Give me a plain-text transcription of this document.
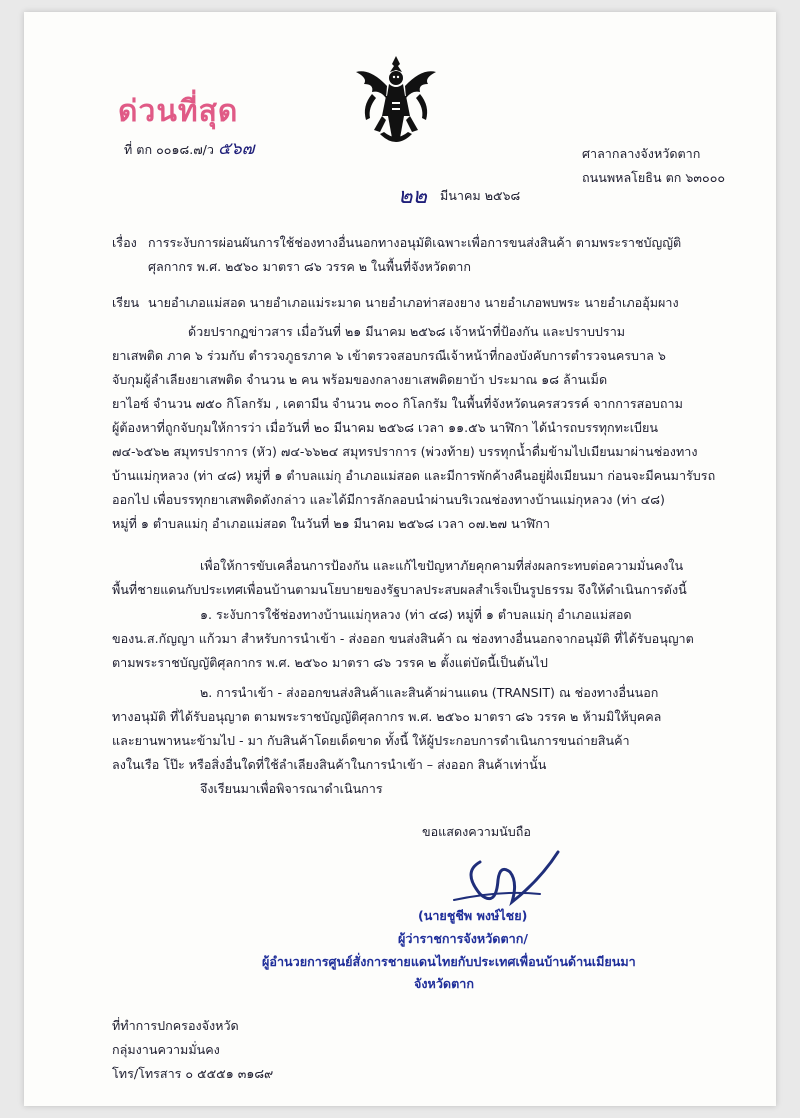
ด่วนที่สุด
ที่ ตก ๐๐๑๘.๗/ว ๕๖๗	ศาลากลางจังหวัดตาก
ถนนพหลโยธิน ตก ๖๓๐๐๐
๒๒ มีนาคม ๒๕๖๘
เรื่อง การระงับการผ่อนผันการใช้ช่องทางอื่นนอกทางอนุมัติเฉพาะเพื่อการขนส่งสินค้า ตามพระราชบัญญัติ
ศุลกากร พ.ศ. ๒๕๖๐ มาตรา ๘๖ วรรค ๒ ในพื้นที่จังหวัดตาก
เรียน นายอำเภอแม่สอด นายอำเภอแม่ระมาด นายอำเภอท่าสองยาง นายอำเภอพบพระ นายอำเภออุ้มผาง
ด้วยปรากฏข่าวสาร เมื่อวันที่ ๒๑ มีนาคม ๒๕๖๘ เจ้าหน้าที่ป้องกัน และปราบปราม
ยาเสพติด ภาค ๖ ร่วมกับ ตำรวจภูธรภาค ๖ เข้าตรวจสอบกรณีเจ้าหน้าที่กองบังคับการตำรวจนครบาล ๖
จับกุมผู้ลำเลียงยาเสพติด จำนวน ๒ คน พร้อมของกลางยาเสพติดยาบ้า ประมาณ ๑๘ ล้านเม็ด
ยาไอซ์ จำนวน ๗๕๐ กิโลกรัม , เคตามีน จำนวน ๓๐๐ กิโลกรัม ในพื้นที่จังหวัดนครสวรรค์ จากการสอบถาม
ผู้ต้องหาที่ถูกจับกุมให้การว่า เมื่อวันที่ ๒๐ มีนาคม ๒๕๖๘ เวลา ๑๑.๕๖ นาฬิกา ได้นำรถบรรทุกทะเบียน
๗๔-๖๕๖๒ สมุทรปราการ (หัว) ๗๔-๖๖๒๔ สมุทรปราการ (พ่วงท้าย) บรรทุกน้ำดื่มข้ามไปเมียนมาผ่านช่องทาง
บ้านแม่กุหลวง (ท่า ๔๘) หมู่ที่ ๑ ตำบลแม่กุ อำเภอแม่สอด และมีการพักค้างคืนอยู่ฝั่งเมียนมา ก่อนจะมีคนมารับรถ
ออกไป เพื่อบรรทุกยาเสพติดดังกล่าว และได้มีการลักลอบนำผ่านบริเวณช่องทางบ้านแม่กุหลวง (ท่า ๔๘)
หมู่ที่ ๑ ตำบลแม่กุ อำเภอแม่สอด ในวันที่ ๒๑ มีนาคม ๒๕๖๘ เวลา ๐๗.๒๗ นาฬิกา
เพื่อให้การขับเคลื่อนการป้องกัน และแก้ไขปัญหาภัยคุกคามที่ส่งผลกระทบต่อความมั่นคงใน
พื้นที่ชายแดนกับประเทศเพื่อนบ้านตามนโยบายของรัฐบาลประสบผลสำเร็จเป็นรูปธรรม จึงให้ดำเนินการดังนี้
๑. ระงับการใช้ช่องทางบ้านแม่กุหลวง (ท่า ๔๘) หมู่ที่ ๑ ตำบลแม่กุ อำเภอแม่สอด
ของน.ส.กัญญา แก้วมา สำหรับการนำเข้า - ส่งออก ขนส่งสินค้า ณ ช่องทางอื่นนอกจากอนุมัติ ที่ได้รับอนุญาต
ตามพระราชบัญญัติศุลกากร พ.ศ. ๒๕๖๐ มาตรา ๘๖ วรรค ๒ ตั้งแต่บัดนี้เป็นต้นไป
๒. การนำเข้า - ส่งออกขนส่งสินค้าและสินค้าผ่านแดน (TRANSIT) ณ ช่องทางอื่นนอก
ทางอนุมัติ ที่ได้รับอนุญาต ตามพระราชบัญญัติศุลกากร พ.ศ. ๒๕๖๐ มาตรา ๘๖ วรรค ๒ ห้ามมิให้บุคคล
และยานพาหนะข้ามไป - มา กับสินค้าโดยเด็ดขาด ทั้งนี้ ให้ผู้ประกอบการดำเนินการขนถ่ายสินค้า
ลงในเรือ โป๊ะ หรือสิ่งอื่นใดที่ใช้ลำเลียงสินค้าในการนำเข้า – ส่งออก สินค้าเท่านั้น
จึงเรียนมาเพื่อพิจารณาดำเนินการ
ขอแสดงความนับถือ
(นายชูชีพ พงษ์ไชย)
ผู้ว่าราชการจังหวัดตาก/
ผู้อำนวยการศูนย์สั่งการชายแดนไทยกับประเทศเพื่อนบ้านด้านเมียนมา
จังหวัดตาก
ที่ทำการปกครองจังหวัด
กลุ่มงานความมั่นคง
โทร/โทรสาร ๐ ๕๕๕๑ ๓๑๘๙
